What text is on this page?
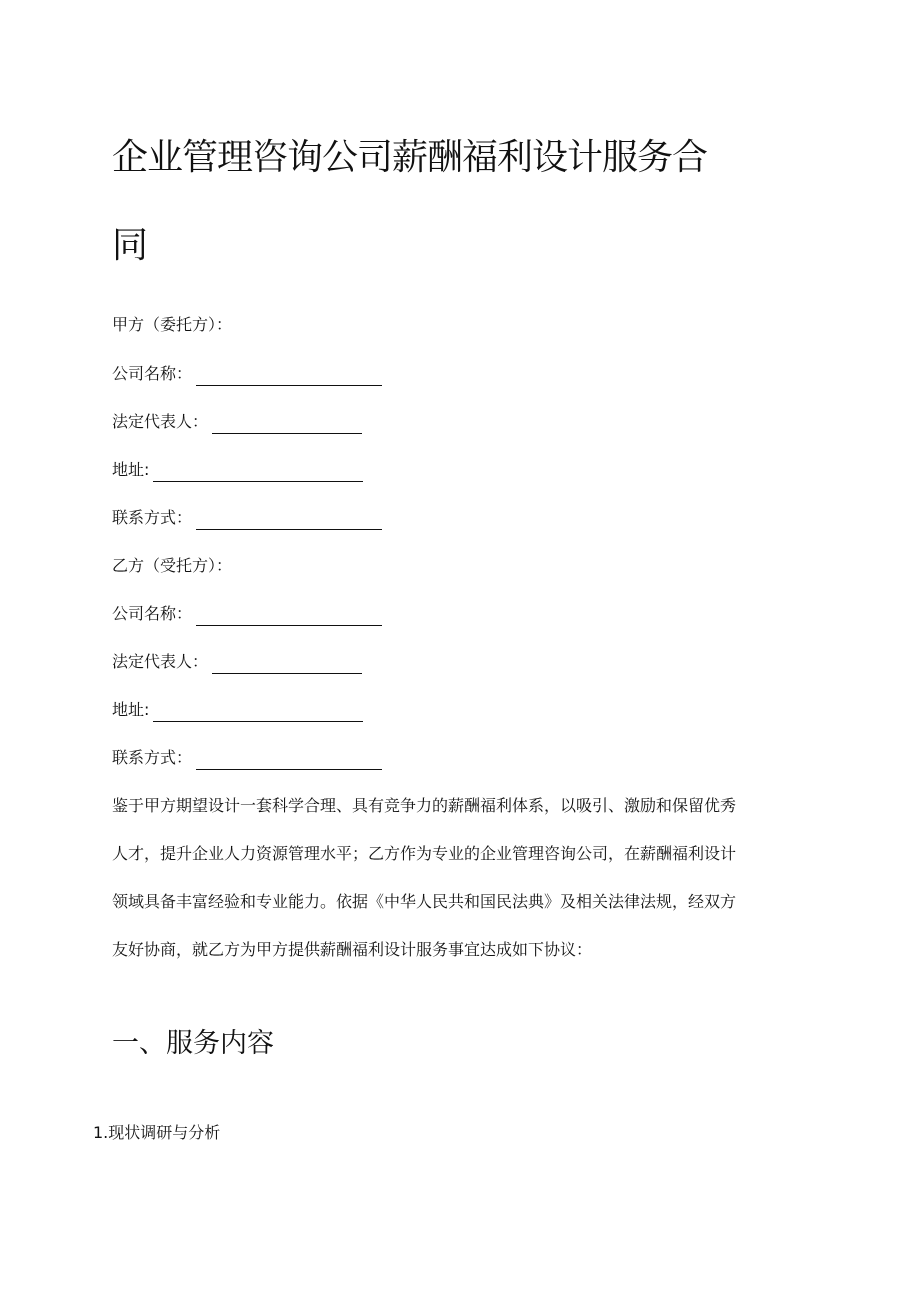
企业管理咨询公司薪酬福利设计服务合
同
甲方（委托方）：
公司名称：
法定代表人：
地址:
联系方式：
乙方（受托方）：
公司名称：
法定代表人：
地址:
联系方式：
鉴于甲方期望设计一套科学合理、具有竞争力的薪酬福利体系，以吸引、激励和保留优秀
人才，提升企业人力资源管理水平；乙方作为专业的企业管理咨询公司，在薪酬福利设计
领域具备丰富经验和专业能力。依据《中华人民共和国民法典》及相关法律法规，经双方
友好协商，就乙方为甲方提供薪酬福利设计服务事宜达成如下协议：
一、服务内容
1.现状调研与分析
